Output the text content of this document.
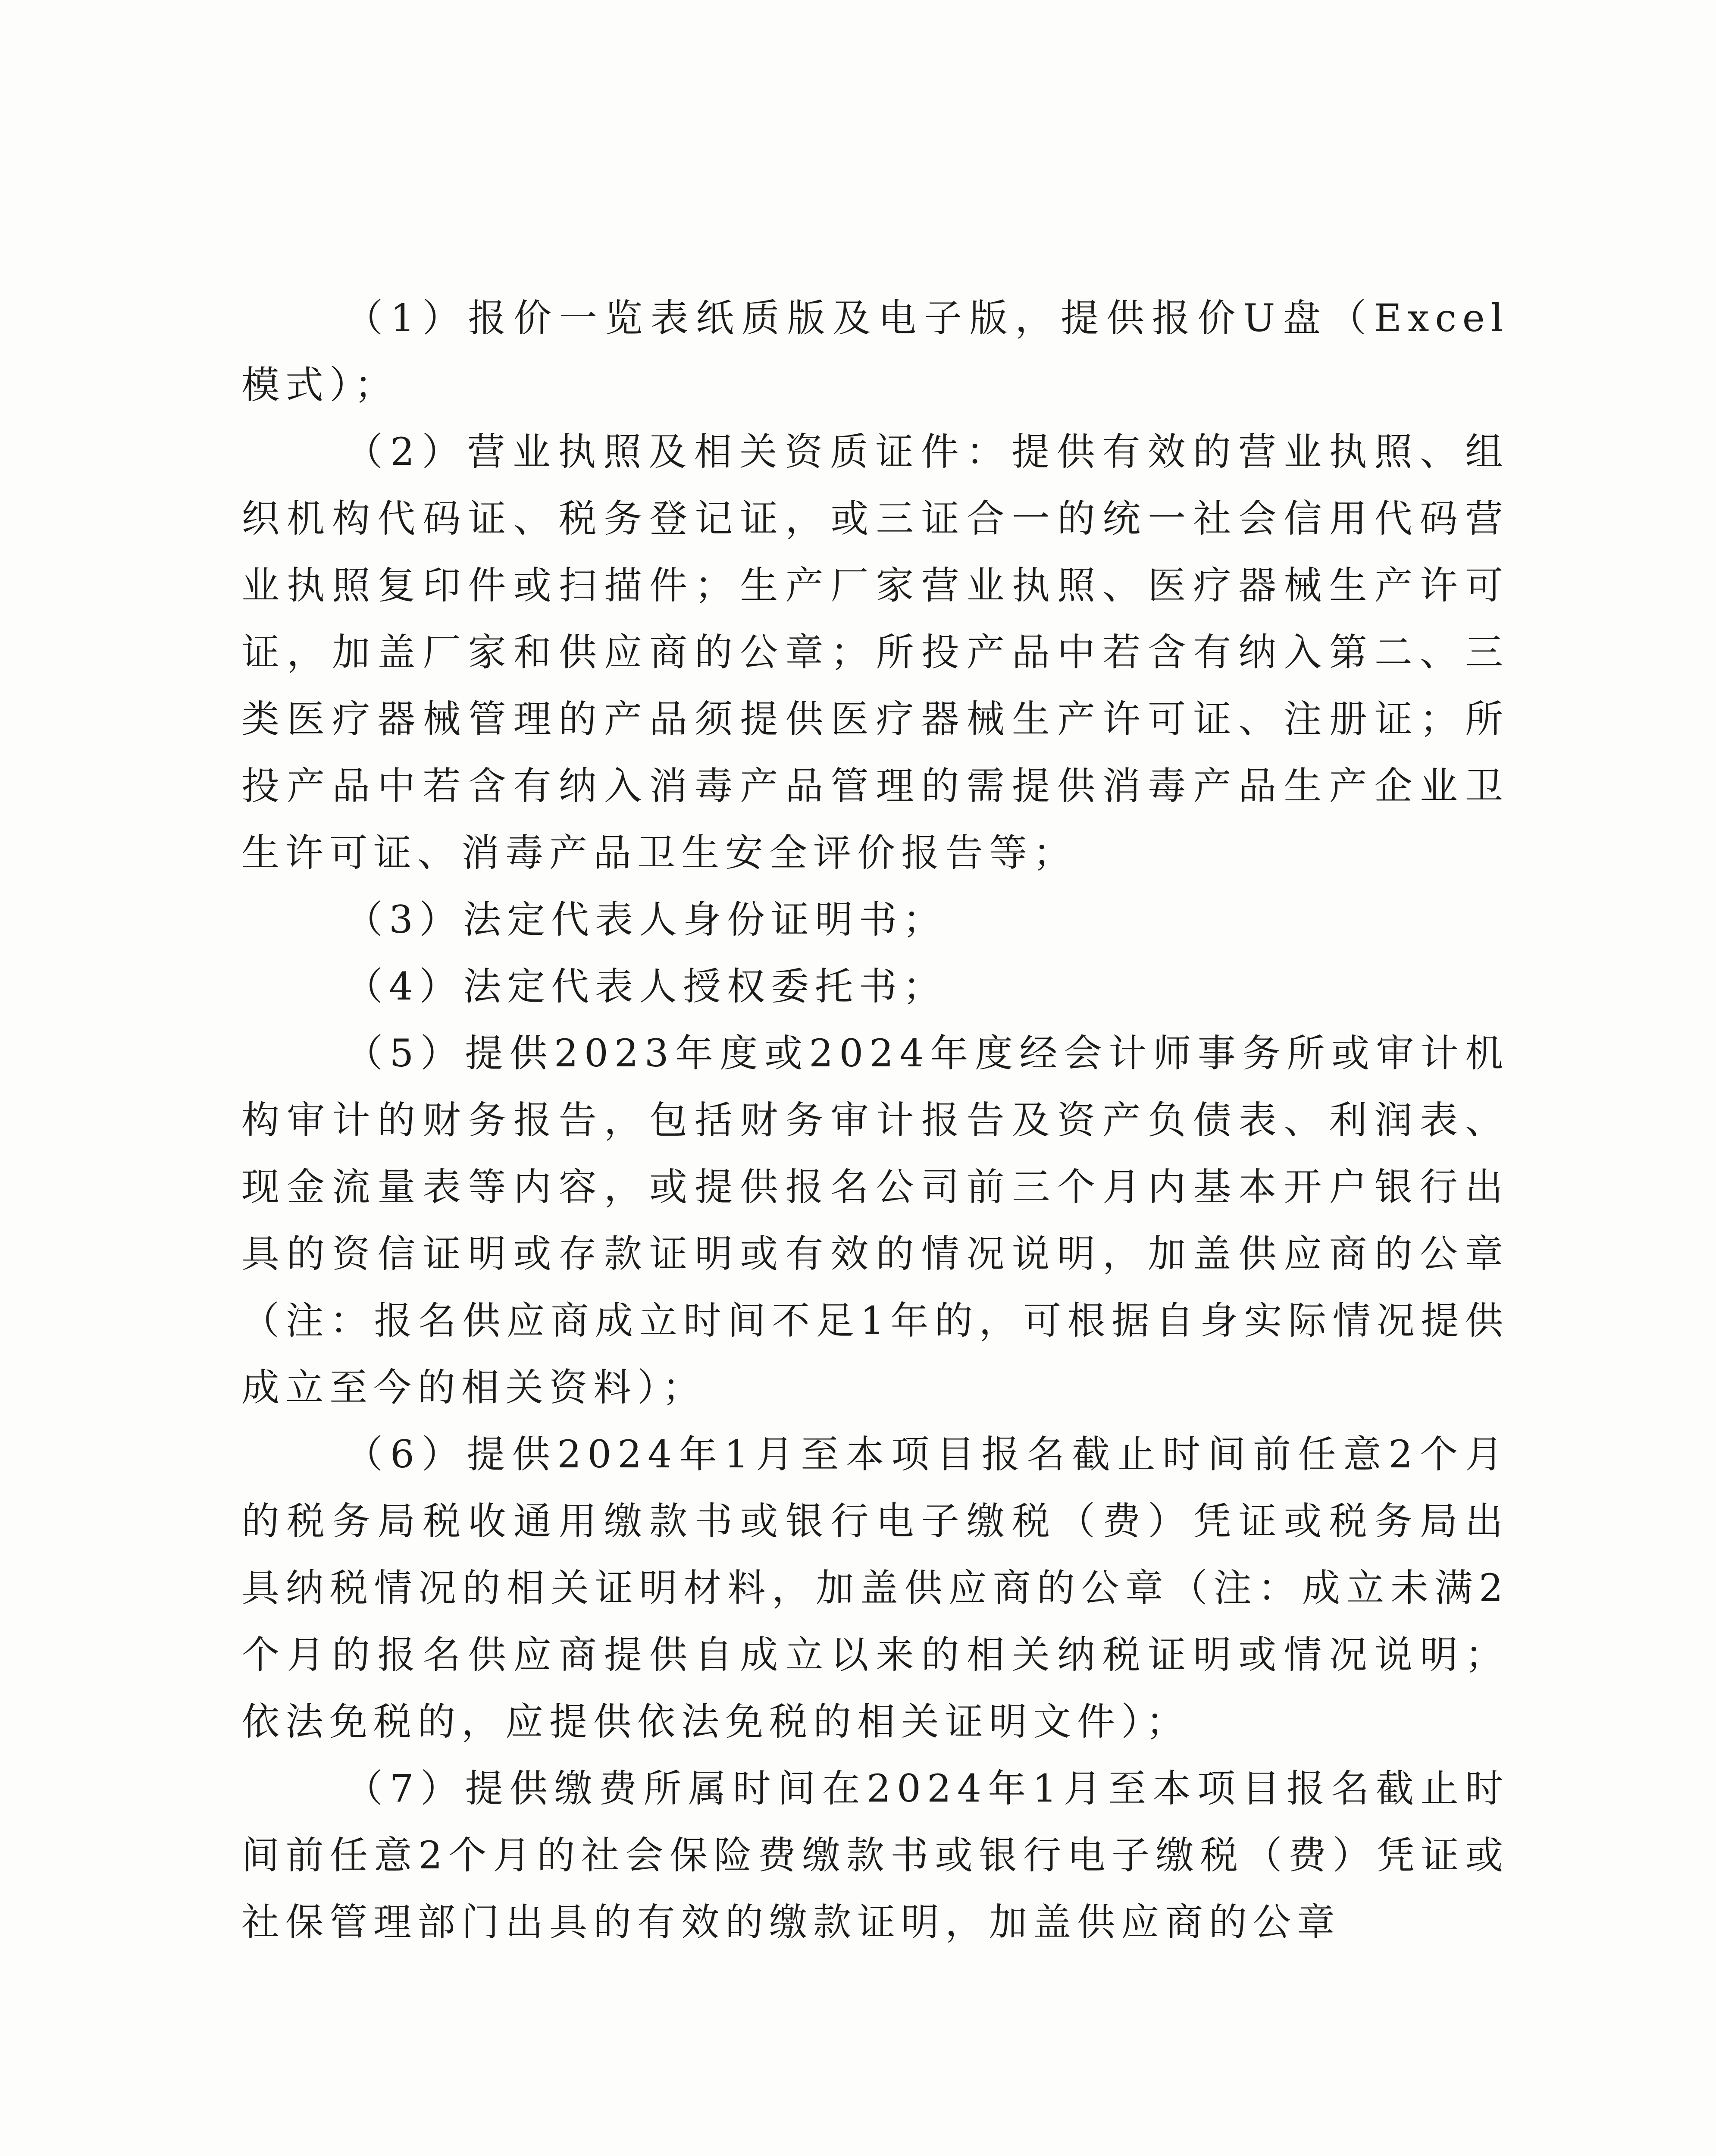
（1）报价一览表纸质版及电子版，提供报价U盘（Excel模式）；

（2）营业执照及相关资质证件：提供有效的营业执照、组织机构代码证、税务登记证，或三证合一的统一社会信用代码营业执照复印件或扫描件；生产厂家营业执照、医疗器械生产许可证，加盖厂家和供应商的公章；所投产品中若含有纳入第二、三类医疗器械管理的产品须提供医疗器械生产许可证、注册证；所投产品中若含有纳入消毒产品管理的需提供消毒产品生产企业卫生许可证、消毒产品卫生安全评价报告等；

（3）法定代表人身份证明书；

（4）法定代表人授权委托书；

（5）提供2023年度或2024年度经会计师事务所或审计机构审计的财务报告，包括财务审计报告及资产负债表、利润表、现金流量表等内容，或提供报名公司前三个月内基本开户银行出具的资信证明或存款证明或有效的情况说明，加盖供应商的公章（注：报名供应商成立时间不足1年的，可根据自身实际情况提供成立至今的相关资料）；

（6）提供2024年1月至本项目报名截止时间前任意2个月的税务局税收通用缴款书或银行电子缴税（费）凭证或税务局出具纳税情况的相关证明材料，加盖供应商的公章（注：成立未满2个月的报名供应商提供自成立以来的相关纳税证明或情况说明；依法免税的，应提供依法免税的相关证明文件）；

（7）提供缴费所属时间在2024年1月至本项目报名截止时间前任意2个月的社会保险费缴款书或银行电子缴税（费）凭证或社保管理部门出具的有效的缴款证明，加盖供应商的公章
